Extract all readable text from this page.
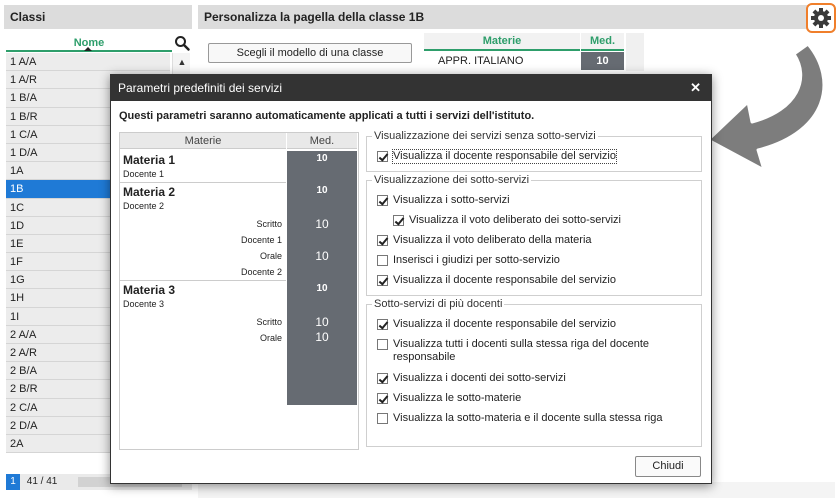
Classi
Nome
1 A/A
1 A/R
1 B/A
1 B/R
1 C/A
1 D/A
1A
1B
1C
1D
1E
1F
1G
1H
1I
2 A/A
2 A/R
2 B/A
2 B/R
2 C/A
2 D/A
2A
▲
1 41 / 41
Personalizza la pagella della classe 1B
Scegli il modello di una classe
Materie	Med.
APPR. ITALIANO	10
Parametri predefiniti dei servizi	✕
Questi parametri saranno automaticamente applicati a tutti i servizi dell'istituto.
Materie	Med.
Materia 1
Docente 1
10
Materia 2
Docente 2
10
Scritto	10
Docente 1
Orale	10
Docente 2
Materia 3
Docente 3
10
Scritto	10
Orale	10
Visualizzazione dei servizi senza sotto-servizi
Visualizza il docente responsabile del servizio
Visualizzazione dei sotto-servizi
Visualizza i sotto-servizi
Visualizza il voto deliberato dei sotto-servizi
Visualizza il voto deliberato della materia
Inserisci i giudizi per sotto-servizio
Visualizza il docente responsabile del servizio
Sotto-servizi di più docenti
Visualizza il docente responsabile del servizio
Visualizza tutti i docenti sulla stessa riga del docente responsabile
Visualizza i docenti dei sotto-servizi
Visualizza le sotto-materie
Visualizza la sotto-materia e il docente sulla stessa riga
Chiudi
